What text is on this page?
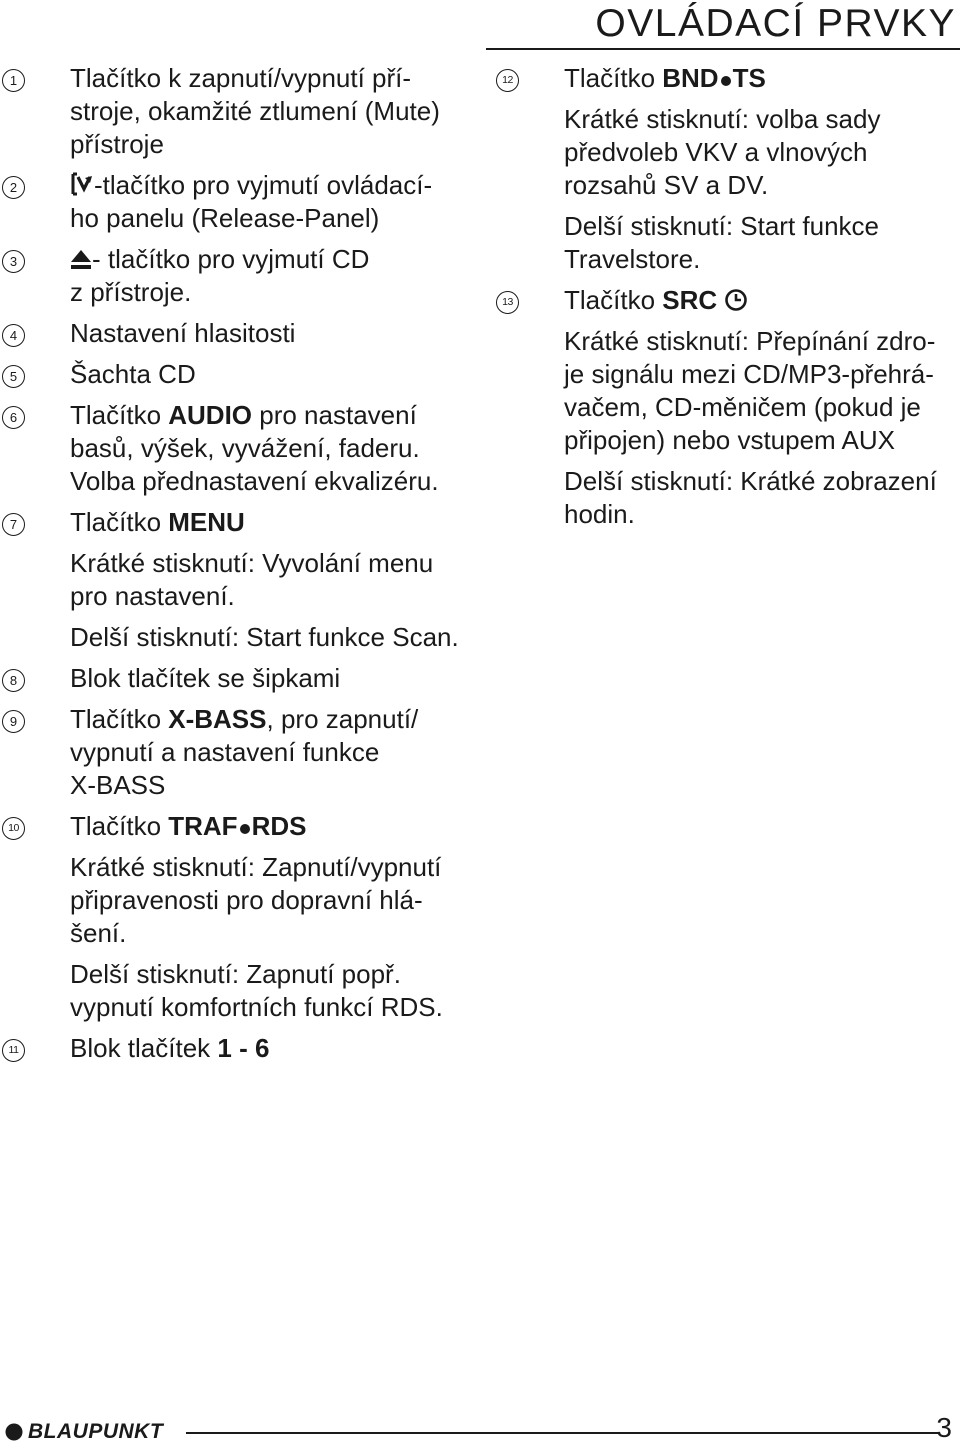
OVLÁDACÍ PRVKY
1	Tlačítko k zapnutí/vypnutí pří-
stroje, okamžité ztlumení (Mute)
přístroje
2	-tlačítko pro vyjmutí ovládací-
ho panelu (Release-Panel)
3	- tlačítko pro vyjmutí CD
z přístroje.
4	Nastavení hlasitosti
5	Šachta CD
6	Tlačítko AUDIO pro nastavení
basů, výšek, vyvážení, faderu.
Volba přednastavení ekvalizéru.
7	Tlačítko MENU
Krátké stisknutí: Vyvolání menu
pro nastavení.
Delší stisknutí: Start funkce Scan.
8	Blok tlačítek se šipkami
9	Tlačítko X-BASS, pro zapnutí/
vypnutí a nastavení funkce
X-BASS
10 Tlačítko TRAF RDS
Krátké stisknutí: Zapnutí/vypnutí
připravenosti pro dopravní hlá-
šení.
Delší stisknutí: Zapnutí popř.
vypnutí komfortních funkcí RDS.
11 Blok tlačítek 1 - 6
12 Tlačítko BND TS
Krátké stisknutí: volba sady
předvoleb VKV a vlnových
rozsahů SV a DV.
Delší stisknutí: Start funkce
Travelstore.
13 Tlačítko SRC
Krátké stisknutí: Přepínání zdro-
je signálu mezi CD/MP3-přehrá-
vačem, CD-měničem (pokud je
připojen) nebo vstupem AUX
Delší stisknutí: Krátké zobrazení
hodin.
BLAUPUNKT	3
